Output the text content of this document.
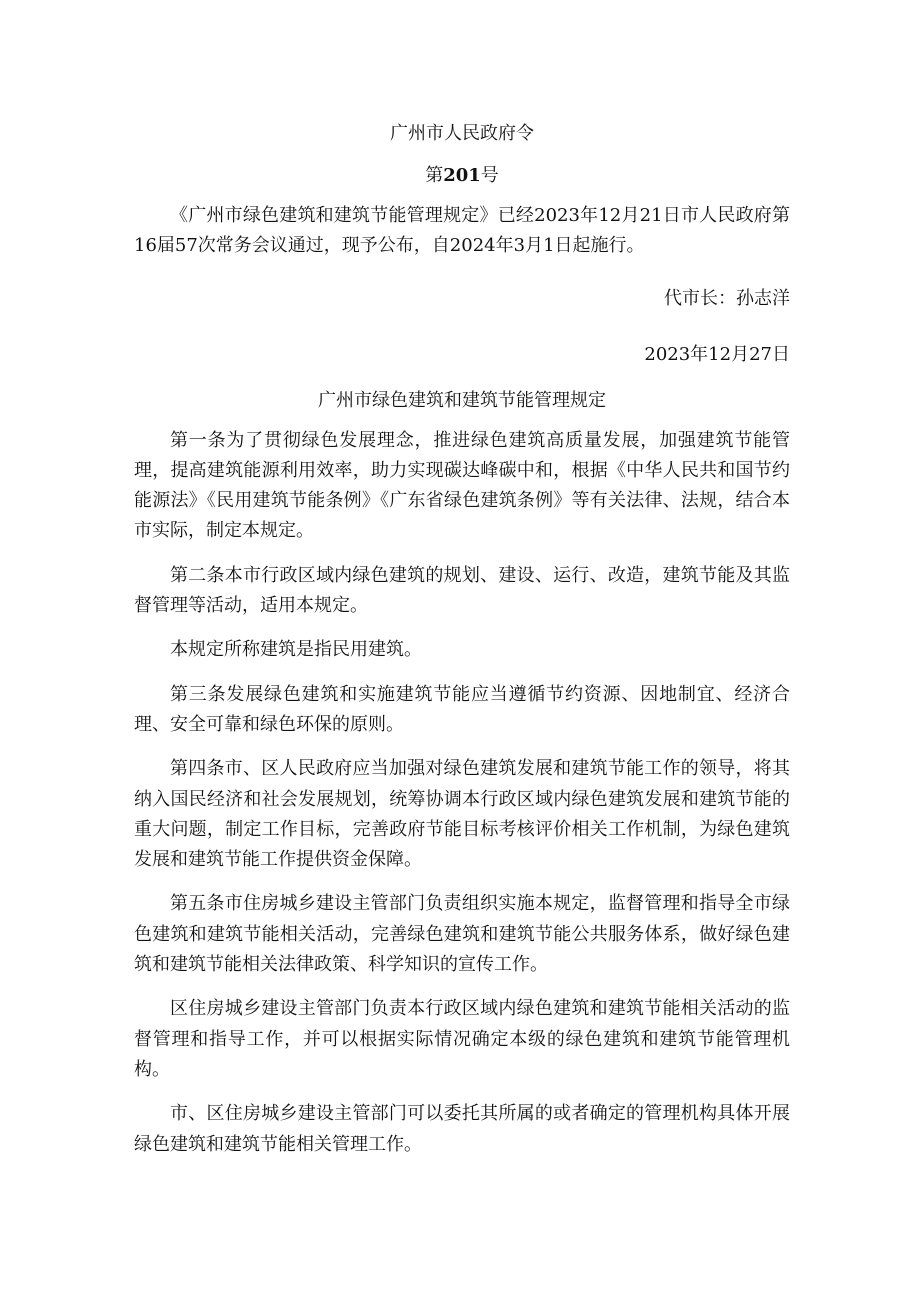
广州市人民政府令
第201号

《广州市绿色建筑和建筑节能管理规定》已经2023年12月21日市人民政府第16届57次常务会议通过，现予公布，自2024年3月1日起施行。

代市长：孙志洋
2023年12月27日
广州市绿色建筑和建筑节能管理规定

第一条为了贯彻绿色发展理念，推进绿色建筑高质量发展，加强建筑节能管理，提高建筑能源利用效率，助力实现碳达峰碳中和，根据《中华人民共和国节约能源法》《民用建筑节能条例》《广东省绿色建筑条例》等有关法律、法规，结合本市实际，制定本规定。

第二条本市行政区域内绿色建筑的规划、建设、运行、改造，建筑节能及其监督管理等活动，适用本规定。

本规定所称建筑是指民用建筑。

第三条发展绿色建筑和实施建筑节能应当遵循节约资源、因地制宜、经济合理、安全可靠和绿色环保的原则。

第四条市、区人民政府应当加强对绿色建筑发展和建筑节能工作的领导，将其纳入国民经济和社会发展规划，统筹协调本行政区域内绿色建筑发展和建筑节能的重大问题，制定工作目标，完善政府节能目标考核评价相关工作机制，为绿色建筑发展和建筑节能工作提供资金保障。

第五条市住房城乡建设主管部门负责组织实施本规定，监督管理和指导全市绿色建筑和建筑节能相关活动，完善绿色建筑和建筑节能公共服务体系，做好绿色建筑和建筑节能相关法律政策、科学知识的宣传工作。

区住房城乡建设主管部门负责本行政区域内绿色建筑和建筑节能相关活动的监督管理和指导工作，并可以根据实际情况确定本级的绿色建筑和建筑节能管理机构。

市、区住房城乡建设主管部门可以委托其所属的或者确定的管理机构具体开展绿色建筑和建筑节能相关管理工作。
